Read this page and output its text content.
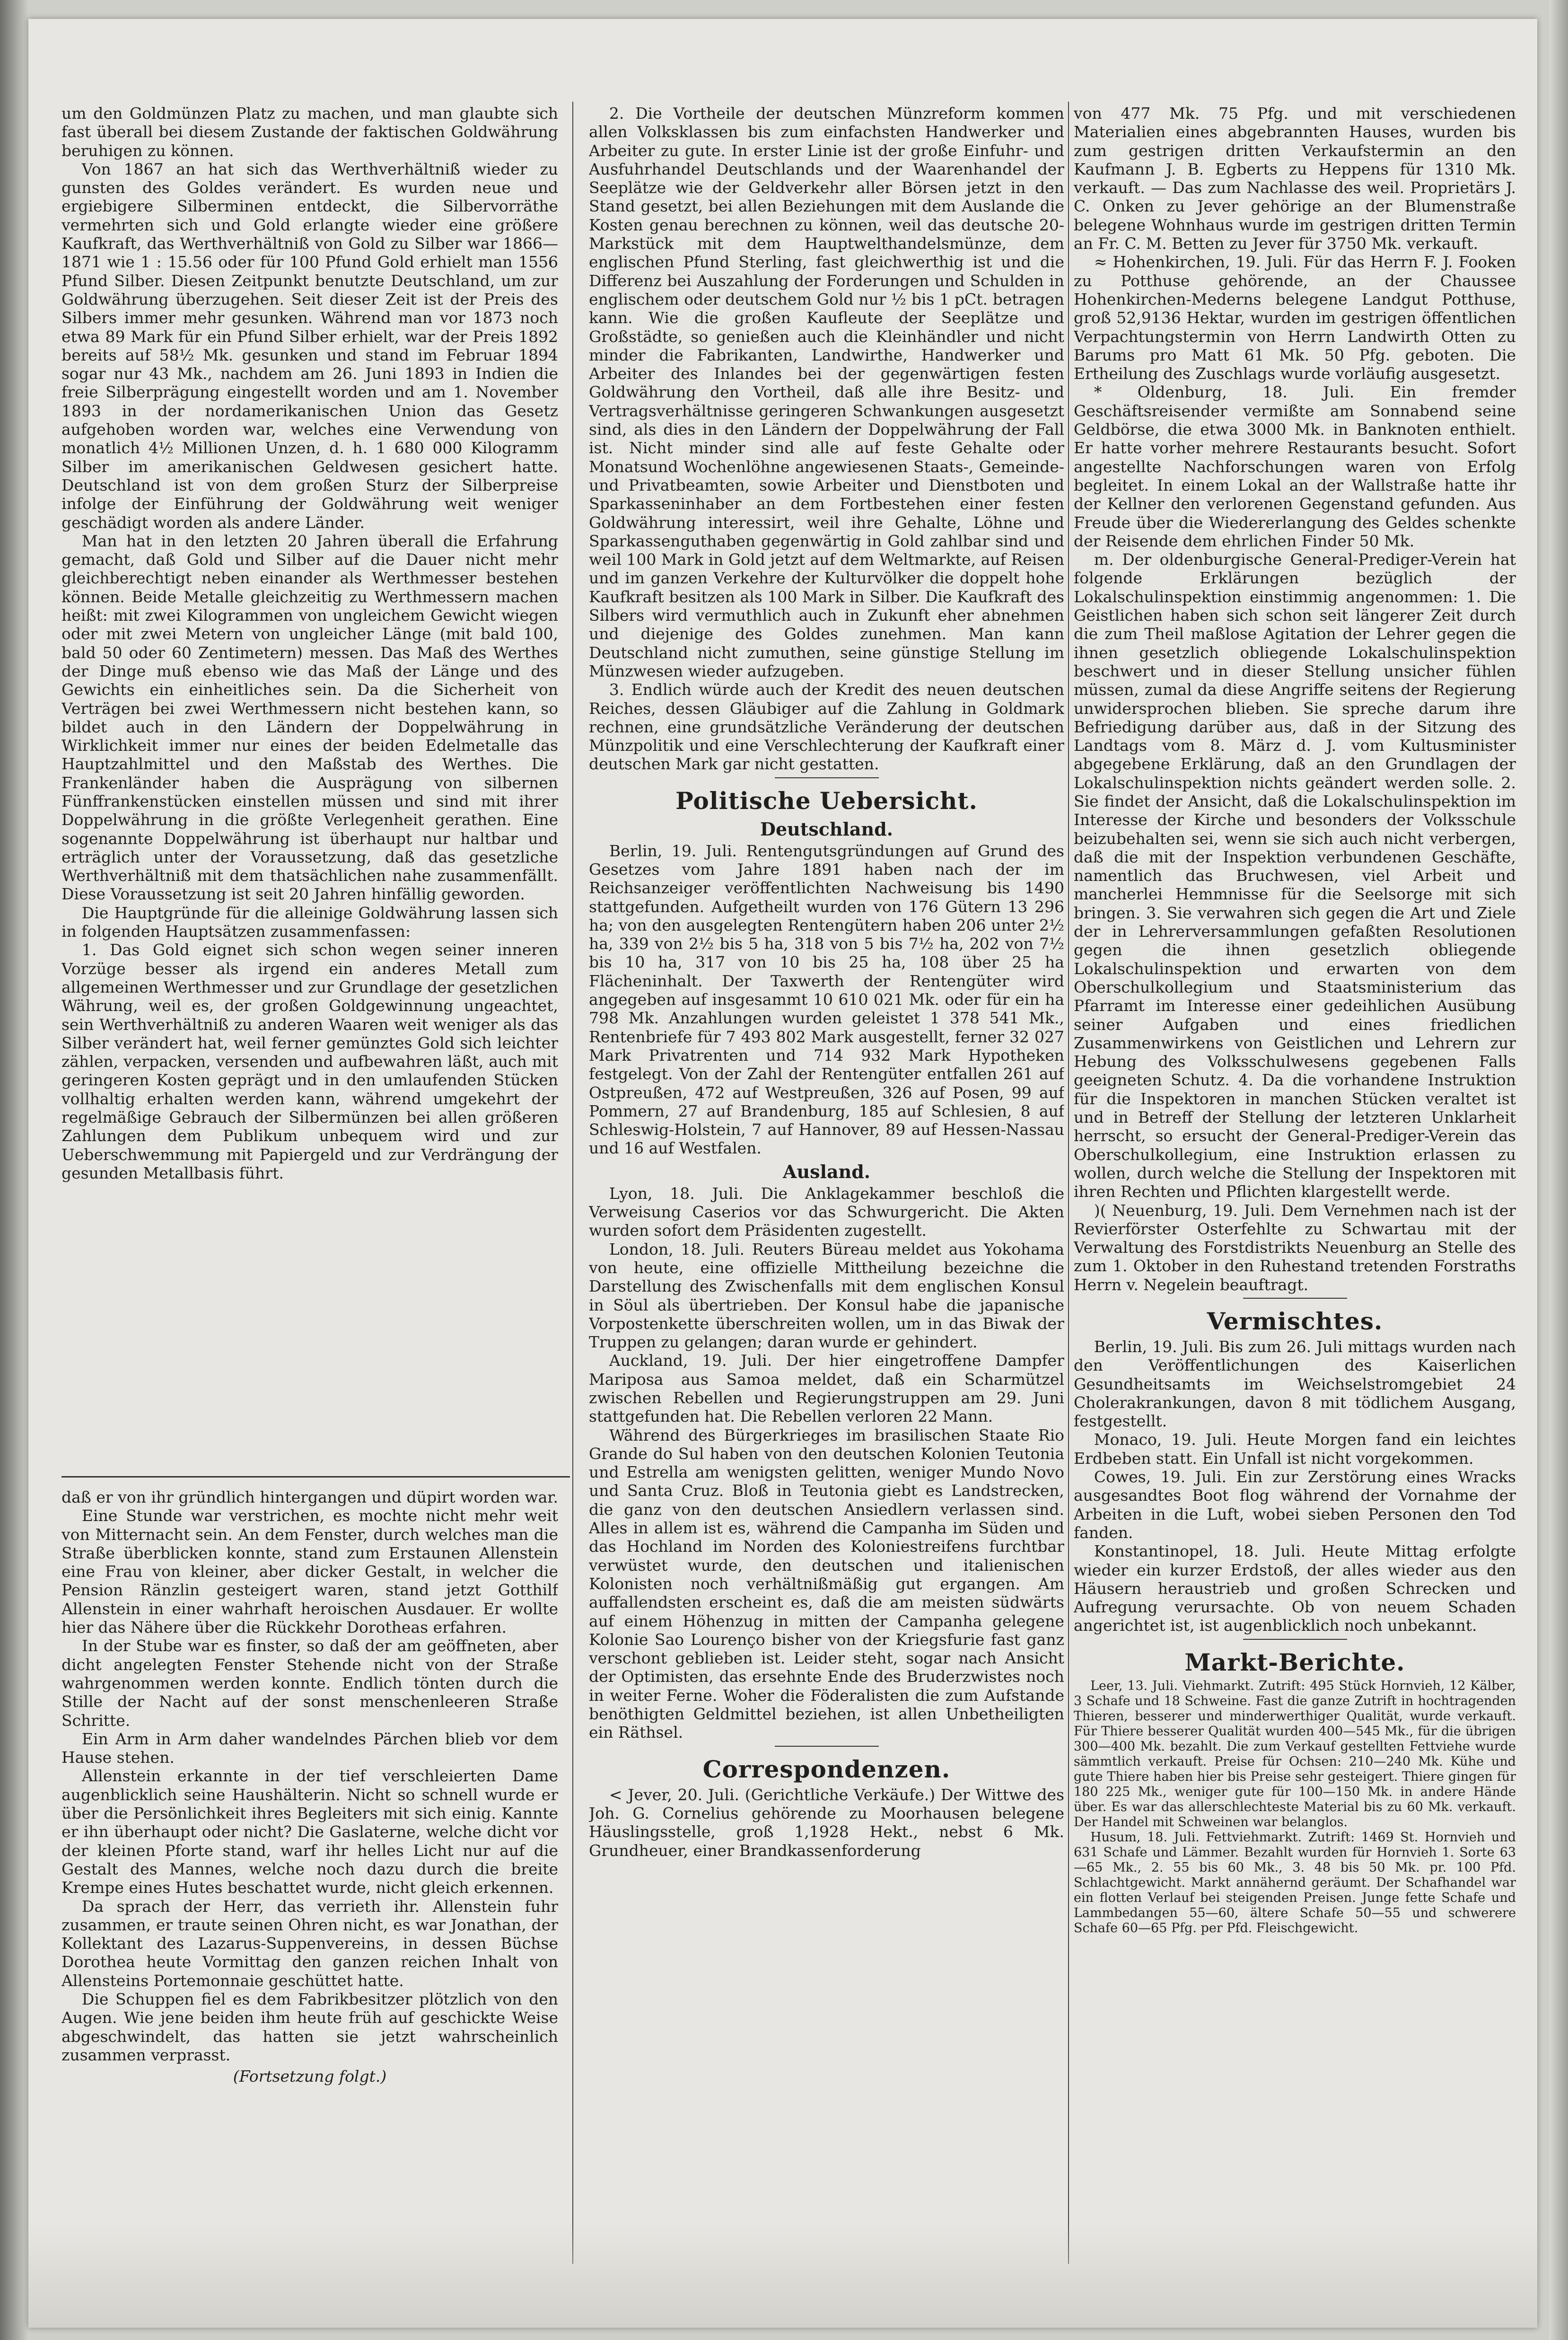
um den Goldmünzen Platz zu machen, und man glaubte sich fast überall bei diesem Zustande der faktischen Goldwährung beruhigen zu können.

Von 1867 an hat sich das Werthverhältniß wieder zu gunsten des Goldes verändert. Es wurden neue und ergiebigere Silberminen entdeckt, die Silbervorräthe vermehrten sich und Gold erlangte wieder eine größere Kaufkraft, das Werthverhältniß von Gold zu Silber war 1866—1871 wie 1 : 15.56 oder für 100 Pfund Gold erhielt man 1556 Pfund Silber. Diesen Zeitpunkt benutzte Deutschland, um zur Goldwährung überzugehen. Seit dieser Zeit ist der Preis des Silbers immer mehr gesunken. Während man vor 1873 noch etwa 89 Mark für ein Pfund Silber erhielt, war der Preis 1892 bereits auf 58½ Mk. gesunken und stand im Februar 1894 sogar nur 43 Mk., nachdem am 26. Juni 1893 in Indien die freie Silberprägung eingestellt worden und am 1. November 1893 in der nordamerikanischen Union das Gesetz aufgehoben worden war, welches eine Verwendung von monatlich 4½ Millionen Unzen, d. h. 1 680 000 Kilogramm Silber im amerikanischen Geldwesen gesichert hatte. Deutschland ist von dem großen Sturz der Silberpreise infolge der Einführung der Goldwährung weit weniger geschädigt worden als andere Länder.

Man hat in den letzten 20 Jahren überall die Erfahrung gemacht, daß Gold und Silber auf die Dauer nicht mehr gleichberechtigt neben einander als Werthmesser bestehen können. Beide Metalle gleichzeitig zu Werthmessern machen heißt: mit zwei Kilogrammen von ungleichem Gewicht wiegen oder mit zwei Metern von ungleicher Länge (mit bald 100, bald 50 oder 60 Zentimetern) messen. Das Maß des Werthes der Dinge muß ebenso wie das Maß der Länge und des Gewichts ein einheitliches sein. Da die Sicherheit von Verträgen bei zwei Werthmessern nicht bestehen kann, so bildet auch in den Ländern der Doppelwährung in Wirklichkeit immer nur eines der beiden Edelmetalle das Hauptzahlmittel und den Maßstab des Werthes. Die Frankenländer haben die Ausprägung von silbernen Fünffrankenstücken einstellen müssen und sind mit ihrer Doppelwährung in die größte Verlegenheit gerathen. Eine sogenannte Doppelwährung ist überhaupt nur haltbar und erträglich unter der Voraussetzung, daß das gesetzliche Werthverhältniß mit dem thatsächlichen nahe zusammenfällt. Diese Voraussetzung ist seit 20 Jahren hinfällig geworden.

Die Hauptgründe für die alleinige Goldwährung lassen sich in folgenden Hauptsätzen zusammenfassen:

1. Das Gold eignet sich schon wegen seiner inneren Vorzüge besser als irgend ein anderes Metall zum allgemeinen Werthmesser und zur Grundlage der gesetzlichen Währung, weil es, der großen Goldgewinnung ungeachtet, sein Werthverhältniß zu anderen Waaren weit weniger als das Silber verändert hat, weil ferner gemünztes Gold sich leichter zählen, verpacken, versenden und aufbewahren läßt, auch mit geringeren Kosten geprägt und in den umlaufenden Stücken vollhaltig erhalten werden kann, während umgekehrt der regelmäßige Gebrauch der Silbermünzen bei allen größeren Zahlungen dem Publikum unbequem wird und zur Ueberschwemmung mit Papiergeld und zur Verdrängung der gesunden Metallbasis führt.

daß er von ihr gründlich hintergangen und düpirt worden war.

Eine Stunde war verstrichen, es mochte nicht mehr weit von Mitternacht sein. An dem Fenster, durch welches man die Straße überblicken konnte, stand zum Erstaunen Allenstein eine Frau von kleiner, aber dicker Gestalt, in welcher die Pension Ränzlin gesteigert waren, stand jetzt Gotthilf Allenstein in einer wahrhaft heroischen Ausdauer. Er wollte hier das Nähere über die Rückkehr Dorotheas erfahren.

In der Stube war es finster, so daß der am geöffneten, aber dicht angelegten Fenster Stehende nicht von der Straße wahrgenommen werden konnte. Endlich tönten durch die Stille der Nacht auf der sonst menschenleeren Straße Schritte.

Ein Arm in Arm daher wandelndes Pärchen blieb vor dem Hause stehen.

Allenstein erkannte in der tief verschleierten Dame augenblicklich seine Haushälterin. Nicht so schnell wurde er über die Persönlichkeit ihres Begleiters mit sich einig. Kannte er ihn überhaupt oder nicht? Die Gaslaterne, welche dicht vor der kleinen Pforte stand, warf ihr helles Licht nur auf die Gestalt des Mannes, welche noch dazu durch die breite Krempe eines Hutes beschattet wurde, nicht gleich erkennen.

Da sprach der Herr, das verrieth ihr. Allenstein fuhr zusammen, er traute seinen Ohren nicht, es war Jonathan, der Kollektant des Lazarus-Suppenvereins, in dessen Büchse Dorothea heute Vormittag den ganzen reichen Inhalt von Allensteins Portemonnaie geschüttet hatte.

Die Schuppen fiel es dem Fabrikbesitzer plötzlich von den Augen. Wie jene beiden ihm heute früh auf geschickte Weise abgeschwindelt, das hatten sie jetzt wahrscheinlich zusammen verprasst.

(Fortsetzung folgt.)

2. Die Vortheile der deutschen Münzreform kommen allen Volksklassen bis zum einfachsten Handwerker und Arbeiter zu gute. In erster Linie ist der große Einfuhr- und Ausfuhrhandel Deutschlands und der Waarenhandel der Seeplätze wie der Geldverkehr aller Börsen jetzt in den Stand gesetzt, bei allen Beziehungen mit dem Auslande die Kosten genau berechnen zu können, weil das deutsche 20-Markstück mit dem Hauptwelthandelsmünze, dem englischen Pfund Sterling, fast gleichwerthig ist und die Differenz bei Auszahlung der Forderungen und Schulden in englischem oder deutschem Gold nur ½ bis 1 pCt. betragen kann. Wie die großen Kaufleute der Seeplätze und Großstädte, so genießen auch die Kleinhändler und nicht minder die Fabrikanten, Landwirthe, Handwerker und Arbeiter des Inlandes bei der gegenwärtigen festen Goldwährung den Vortheil, daß alle ihre Besitz- und Vertragsverhältnisse geringeren Schwankungen ausgesetzt sind, als dies in den Ländern der Doppelwährung der Fall ist. Nicht minder sind alle auf feste Gehalte oder Monatsund Wochenlöhne angewiesenen Staats-, Gemeinde- und Privatbeamten, sowie Arbeiter und Dienstboten und Sparkasseninhaber an dem Fortbestehen einer festen Goldwährung interessirt, weil ihre Gehalte, Löhne und Sparkassenguthaben gegenwärtig in Gold zahlbar sind und weil 100 Mark in Gold jetzt auf dem Weltmarkte, auf Reisen und im ganzen Verkehre der Kulturvölker die doppelt hohe Kaufkraft besitzen als 100 Mark in Silber. Die Kaufkraft des Silbers wird vermuthlich auch in Zukunft eher abnehmen und diejenige des Goldes zunehmen. Man kann Deutschland nicht zumuthen, seine günstige Stellung im Münzwesen wieder aufzugeben.

3. Endlich würde auch der Kredit des neuen deutschen Reiches, dessen Gläubiger auf die Zahlung in Goldmark rechnen, eine grundsätzliche Veränderung der deutschen Münzpolitik und eine Verschlechterung der Kaufkraft einer deutschen Mark gar nicht gestatten.

Politische Uebersicht.
Deutschland.

Berlin, 19. Juli. Rentengutsgründungen auf Grund des Gesetzes vom Jahre 1891 haben nach der im Reichsanzeiger veröffentlichten Nachweisung bis 1490 stattgefunden. Aufgetheilt wurden von 176 Gütern 13 296 ha; von den ausgelegten Rentengütern haben 206 unter 2½ ha, 339 von 2½ bis 5 ha, 318 von 5 bis 7½ ha, 202 von 7½ bis 10 ha, 317 von 10 bis 25 ha, 108 über 25 ha Flächeninhalt. Der Taxwerth der Rentengüter wird angegeben auf insgesammt 10 610 021 Mk. oder für ein ha 798 Mk. Anzahlungen wurden geleistet 1 378 541 Mk., Rentenbriefe für 7 493 802 Mark ausgestellt, ferner 32 027 Mark Privatrenten und 714 932 Mark Hypotheken festgelegt. Von der Zahl der Rentengüter entfallen 261 auf Ostpreußen, 472 auf Westpreußen, 326 auf Posen, 99 auf Pommern, 27 auf Brandenburg, 185 auf Schlesien, 8 auf Schleswig-Holstein, 7 auf Hannover, 89 auf Hessen-Nassau und 16 auf Westfalen.

Ausland.

Lyon, 18. Juli. Die Anklagekammer beschloß die Verweisung Caserios vor das Schwurgericht. Die Akten wurden sofort dem Präsidenten zugestellt.

London, 18. Juli. Reuters Büreau meldet aus Yokohama von heute, eine offizielle Mittheilung bezeichne die Darstellung des Zwischenfalls mit dem englischen Konsul in Söul als übertrieben. Der Konsul habe die japanische Vorpostenkette überschreiten wollen, um in das Biwak der Truppen zu gelangen; daran wurde er gehindert.

Auckland, 19. Juli. Der hier eingetroffene Dampfer Mariposa aus Samoa meldet, daß ein Scharmützel zwischen Rebellen und Regierungstruppen am 29. Juni stattgefunden hat. Die Rebellen verloren 22 Mann.

Während des Bürgerkrieges im brasilischen Staate Rio Grande do Sul haben von den deutschen Kolonien Teutonia und Estrella am wenigsten gelitten, weniger Mundo Novo und Santa Cruz. Bloß in Teutonia giebt es Landstrecken, die ganz von den deutschen Ansiedlern verlassen sind. Alles in allem ist es, während die Campanha im Süden und das Hochland im Norden des Koloniestreifens furchtbar verwüstet wurde, den deutschen und italienischen Kolonisten noch verhältnißmäßig gut ergangen. Am auffallendsten erscheint es, daß die am meisten südwärts auf einem Höhenzug in mitten der Campanha gelegene Kolonie Sao Lourenço bisher von der Kriegsfurie fast ganz verschont geblieben ist. Leider steht, sogar nach Ansicht der Optimisten, das ersehnte Ende des Bruderzwistes noch in weiter Ferne. Woher die Föderalisten die zum Aufstande benöthigten Geldmittel beziehen, ist allen Unbetheiligten ein Räthsel.

Correspondenzen.

< Jever, 20. Juli. (Gerichtliche Verkäufe.) Der Wittwe des Joh. G. Cornelius gehörende zu Moorhausen belegene Häuslingsstelle, groß 1,1928 Hekt., nebst 6 Mk. Grundheuer, einer Brandkassenforderung

von 477 Mk. 75 Pfg. und mit verschiedenen Materialien eines abgebrannten Hauses, wurden bis zum gestrigen dritten Verkaufstermin an den Kaufmann J. B. Egberts zu Heppens für 1310 Mk. verkauft. — Das zum Nachlasse des weil. Proprietärs J. C. Onken zu Jever gehörige an der Blumenstraße belegene Wohnhaus wurde im gestrigen dritten Termin an Fr. C. M. Betten zu Jever für 3750 Mk. verkauft.

≈ Hohenkirchen, 19. Juli. Für das Herrn F. J. Fooken zu Potthuse gehörende, an der Chaussee Hohenkirchen-Mederns belegene Landgut Potthuse, groß 52,9136 Hektar, wurden im gestrigen öffentlichen Verpachtungstermin von Herrn Landwirth Otten zu Barums pro Matt 61 Mk. 50 Pfg. geboten. Die Ertheilung des Zuschlags wurde vorläufig ausgesetzt.

* Oldenburg, 18. Juli. Ein fremder Geschäftsreisender vermißte am Sonnabend seine Geldbörse, die etwa 3000 Mk. in Banknoten enthielt. Er hatte vorher mehrere Restaurants besucht. Sofort angestellte Nachforschungen waren von Erfolg begleitet. In einem Lokal an der Wallstraße hatte ihr der Kellner den verlorenen Gegenstand gefunden. Aus Freude über die Wiedererlangung des Geldes schenkte der Reisende dem ehrlichen Finder 50 Mk.

m. Der oldenburgische General-Prediger-Verein hat folgende Erklärungen bezüglich der Lokalschulinspektion einstimmig angenommen: 1. Die Geistlichen haben sich schon seit längerer Zeit durch die zum Theil maßlose Agitation der Lehrer gegen die ihnen gesetzlich obliegende Lokalschulinspektion beschwert und in dieser Stellung unsicher fühlen müssen, zumal da diese Angriffe seitens der Regierung unwidersprochen blieben. Sie spreche darum ihre Befriedigung darüber aus, daß in der Sitzung des Landtags vom 8. März d. J. vom Kultusminister abgegebene Erklärung, daß an den Grundlagen der Lokalschulinspektion nichts geändert werden solle. 2. Sie findet der Ansicht, daß die Lokalschulinspektion im Interesse der Kirche und besonders der Volksschule beizubehalten sei, wenn sie sich auch nicht verbergen, daß die mit der Inspektion verbundenen Geschäfte, namentlich das Bruchwesen, viel Arbeit und mancherlei Hemmnisse für die Seelsorge mit sich bringen. 3. Sie verwahren sich gegen die Art und Ziele der in Lehrerversammlungen gefaßten Resolutionen gegen die ihnen gesetzlich obliegende Lokalschulinspektion und erwarten von dem Oberschulkollegium und Staatsministerium das Pfarramt im Interesse einer gedeihlichen Ausübung seiner Aufgaben und eines friedlichen Zusammenwirkens von Geistlichen und Lehrern zur Hebung des Volksschulwesens gegebenen Falls geeigneten Schutz. 4. Da die vorhandene Instruktion für die Inspektoren in manchen Stücken veraltet ist und in Betreff der Stellung der letzteren Unklarheit herrscht, so ersucht der General-Prediger-Verein das Oberschulkollegium, eine Instruktion erlassen zu wollen, durch welche die Stellung der Inspektoren mit ihren Rechten und Pflichten klargestellt werde.

)( Neuenburg, 19. Juli. Dem Vernehmen nach ist der Revierförster Osterfehlte zu Schwartau mit der Verwaltung des Forstdistrikts Neuenburg an Stelle des zum 1. Oktober in den Ruhestand tretenden Forstraths Herrn v. Negelein beauftragt.

Vermischtes.

Berlin, 19. Juli. Bis zum 26. Juli mittags wurden nach den Veröffentlichungen des Kaiserlichen Gesundheitsamts im Weichselstromgebiet 24 Cholerakrankungen, davon 8 mit tödlichem Ausgang, festgestellt.

Monaco, 19. Juli. Heute Morgen fand ein leichtes Erdbeben statt. Ein Unfall ist nicht vorgekommen.

Cowes, 19. Juli. Ein zur Zerstörung eines Wracks ausgesandtes Boot flog während der Vornahme der Arbeiten in die Luft, wobei sieben Personen den Tod fanden.

Konstantinopel, 18. Juli. Heute Mittag erfolgte wieder ein kurzer Erdstoß, der alles wieder aus den Häusern heraustrieb und großen Schrecken und Aufregung verursachte. Ob von neuem Schaden angerichtet ist, ist augenblicklich noch unbekannt.

Markt-Berichte.

Leer, 13. Juli. Viehmarkt. Zutrift: 495 Stück Hornvieh, 12 Kälber, 3 Schafe und 18 Schweine. Fast die ganze Zutrift in hochtragenden Thieren, besserer und minderwerthiger Qualität, wurde verkauft. Für Thiere besserer Qualität wurden 400—545 Mk., für die übrigen 300—400 Mk. bezahlt. Die zum Verkauf gestellten Fettviehe wurde sämmtlich verkauft. Preise für Ochsen: 210—240 Mk. Kühe und gute Thiere haben hier bis Preise sehr gesteigert. Thiere gingen für 180 225 Mk., weniger gute für 100—150 Mk. in andere Hände über. Es war das allerschlechteste Material bis zu 60 Mk. verkauft. Der Handel mit Schweinen war belanglos.

Husum, 18. Juli. Fettviehmarkt. Zutrift: 1469 St. Hornvieh und 631 Schafe und Lämmer. Bezahlt wurden für Hornvieh 1. Sorte 63—65 Mk., 2. 55 bis 60 Mk., 3. 48 bis 50 Mk. pr. 100 Pfd. Schlachtgewicht. Markt annähernd geräumt. Der Schafhandel war ein flotten Verlauf bei steigenden Preisen. Junge fette Schafe und Lammbedangen 55—60, ältere Schafe 50—55 und schwerere Schafe 60—65 Pfg. per Pfd. Fleischgewicht.
